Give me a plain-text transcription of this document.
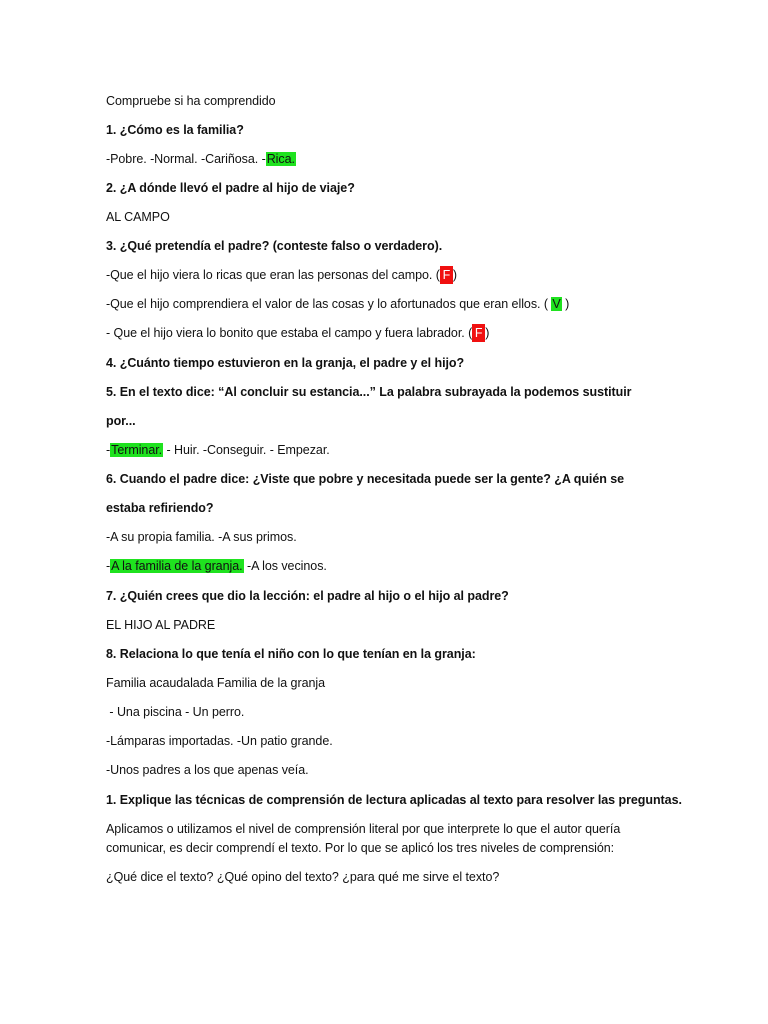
Compruebe si ha comprendido
1. ¿Cómo es la familia?
-Pobre. -Normal. -Cariñosa. -Rica.
2. ¿A dónde llevó el padre al hijo de viaje?
AL CAMPO
3. ¿Qué pretendía el padre? (conteste falso o verdadero).
-Que el hijo viera lo ricas que eran las personas del campo. ( F )
-Que el hijo comprendiera el valor de las cosas y lo afortunados que eran ellos. ( V )
- Que el hijo viera lo bonito que estaba el campo y fuera labrador. ( F )
4. ¿Cuánto tiempo estuvieron en la granja, el padre y el hijo?
5. En el texto dice: “Al concluir su estancia...” La palabra subrayada la podemos sustituir
por...
-Terminar. - Huir. -Conseguir. - Empezar.
6. Cuando el padre dice: ¿Viste que pobre y necesitada puede ser la gente? ¿A quién se
estaba refiriendo?
-A su propia familia. -A sus primos.
-A la familia de la granja. -A los vecinos.
7. ¿Quién crees que dio la lección: el padre al hijo o el hijo al padre?
EL HIJO AL PADRE
8. Relaciona lo que tenía el niño con lo que tenían en la granja:
Familia acaudalada Familia de la granja
- Una piscina - Un perro.
-Lámparas importadas. -Un patio grande.
-Unos padres a los que apenas veía.
1. Explique las técnicas de comprensión de lectura aplicadas al texto para resolver las preguntas.
Aplicamos o utilizamos el nivel de comprensión literal por que interprete lo que el autor quería
comunicar, es decir comprendí el texto. Por lo que se aplicó los tres niveles de comprensión:
¿Qué dice el texto? ¿Qué opino del texto? ¿para qué me sirve el texto?
